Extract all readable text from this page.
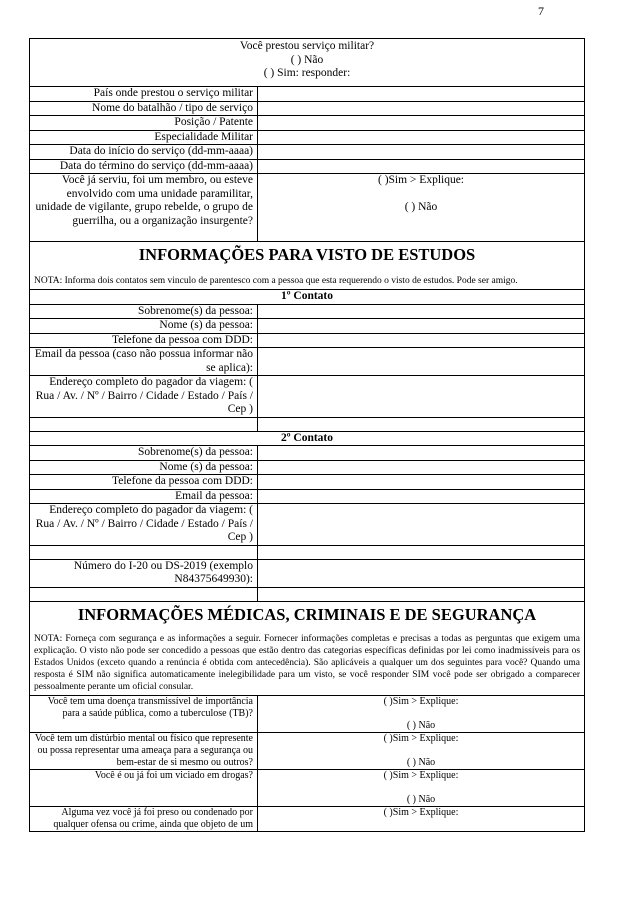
7
Você prestou serviço militar?
( ) Não
( ) Sim: responder:	

País onde prestou o serviço militar	
Nome do batalhão / tipo de serviço	
Posição / Patente	
Especialidade Militar	
Data do início do serviço (dd-mm-aaaa)	
Data do término do serviço (dd-mm-aaaa)	
Você já serviu, foi um membro, ou esteve envolvido com uma unidade paramilitar, unidade de vigilante, grupo rebelde, o grupo de guerrilha, ou a organização insurgente?	( )Sim > Explique:
( ) Não

INFORMAÇÕES PARA VISTO DE ESTUDOS
NOTA: Informa dois contatos sem vinculo de parentesco com a pessoa que esta requerendo o visto de estudos. Pode ser amigo.	

1º Contato	
Sobrenome(s) da pessoa:	
Nome (s) da pessoa:	
Telefone da pessoa com DDD:	
Email da pessoa (caso não possua informar não se aplica):	
Endereço completo do pagador da viagem: ( Rua / Av. / Nº / Bairro / Cidade / Estado / País / Cep )	

2º Contato	
Sobrenome(s) da pessoa:	
Nome (s) da pessoa:	
Telefone da pessoa com DDD:	
Email da pessoa:	
Endereço completo do pagador da viagem: ( Rua / Av. / Nº / Bairro / Cidade / Estado / País / Cep )	

Número do I-20 ou DS-2019 (exemplo N84375649930):	

INFORMAÇÕES MÉDICAS, CRIMINAIS E DE SEGURANÇA
NOTA: Forneça com segurança e as informações a seguir. Fornecer informações completas e precisas a todas as perguntas que exigem uma explicação. O visto não pode ser concedido a pessoas que estão dentro das categorias específicas definidas por lei como inadmissíveis para os Estados Unidos (exceto quando a renúncia é obtida com antecedência). São aplicáveis a qualquer um dos seguintes para você? Quando uma resposta é SIM não significa automaticamente inelegibilidade para um visto, se você responder SIM você pode ser obrigado a comparecer pessoalmente perante um oficial consular.	

Você tem uma doença transmissível de importância para a saúde pública, como a tuberculose (TB)?	( )Sim > Explique:
( ) Não

Você tem um distúrbio mental ou físico que represente ou possa representar uma ameaça para a segurança ou bem-estar de si mesmo ou outros?	( )Sim > Explique:
( ) Não

Você é ou já foi um viciado em drogas?	( )Sim > Explique:
( ) Não

Alguma vez você já foi preso ou condenado por qualquer ofensa ou crime, ainda que objeto de um	( )Sim > Explique:
